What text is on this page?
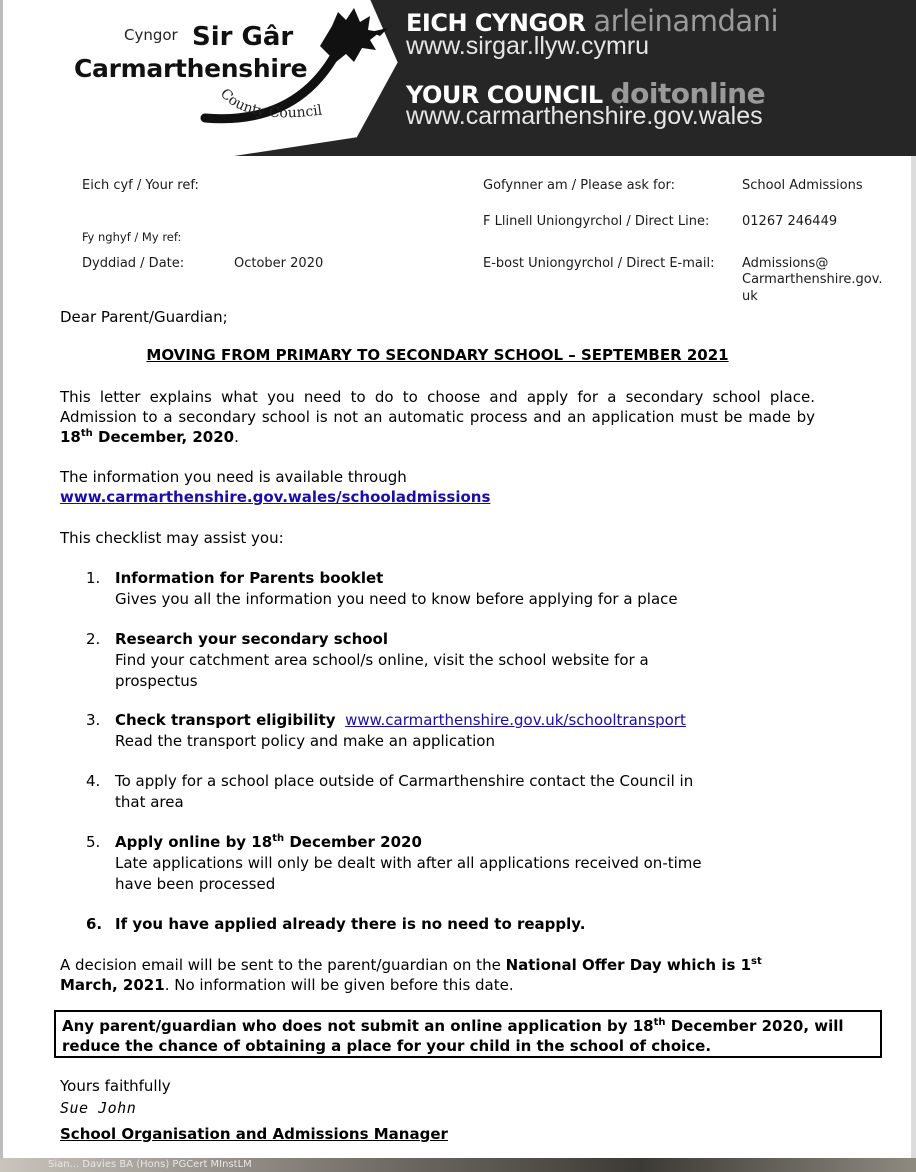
Cyngor Sir Gâr
Carmarthenshire
County Council
EICH CYNGOR arleinamdani
www.sirgar.llyw.cymru
YOUR COUNCIL doitonline
www.carmarthenshire.gov.wales
Eich cyf / Your ref:
Fy nghyf / My ref:
Dyddiad / Date:	October 2020
Gofynner am / Please ask for:	School Admissions
F Llinell Uniongyrchol / Direct Line:	01267 246449
E-bost Uniongyrchol / Direct E-mail: Admissions@
Carmarthenshire.gov.
uk
Dear Parent/Guardian;
MOVING FROM PRIMARY TO SECONDARY SCHOOL – SEPTEMBER 2021
This letter explains what you need to do to choose and apply for a secondary school place. Admission to a secondary school is not an automatic process and an application must be made by 18th December, 2020.
The information you need is available through
www.carmarthenshire.gov.wales/schooladmissions
This checklist may assist you:
1. Information for Parents booklet
Gives you all the information you need to know before applying for a place
2. Research your secondary school
Find your catchment area school/s online, visit the school website for a prospectus
3. Check transport eligibility www.carmarthenshire.gov.uk/schooltransport
Read the transport policy and make an application
4. To apply for a school place outside of Carmarthenshire contact the Council in that area
5. Apply online by 18th December 2020
Late applications will only be dealt with after all applications received on-time have been processed
6. If you have applied already there is no need to reapply.
A decision email will be sent to the parent/guardian on the National Offer Day which is 1st March, 2021. No information will be given before this date.
Any parent/guardian who does not submit an online application by 18th December 2020, will reduce the chance of obtaining a place for your child in the school of choice.
Yours faithfully
Sue John
School Organisation and Admissions Manager
Sian... Davies BA (Hons) PGCert MInstLM
